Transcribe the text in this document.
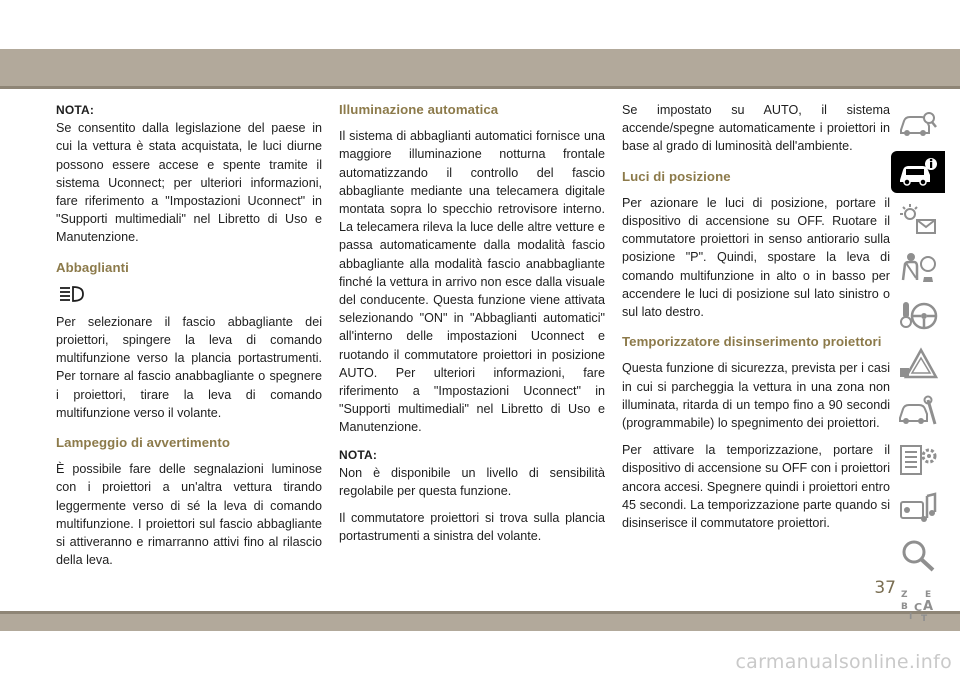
NOTA:

Se consentito dalla legislazione del paese in cui la vettura è stata acquistata, le luci diurne possono essere accese e spente tramite il sistema Uconnect; per ulteriori informazioni, fare riferimento a "Impostazioni Uconnect" in "Supporti multimediali" nel Libretto di Uso e Manutenzione.

Abbaglianti

Per selezionare il fascio abbagliante dei proiettori, spingere la leva di comando multifunzione verso la plancia portastrumenti. Per tornare al fascio anabbagliante o spegnere i proiettori, tirare la leva di comando multifunzione verso il volante.

Lampeggio di avvertimento

È possibile fare delle segnalazioni luminose con i proiettori a un'altra vettura tirando leggermente verso di sé la leva di comando multifunzione. I proiettori sul fascio abbagliante si attiveranno e rimarranno attivi fino al rilascio della leva.

Illuminazione automatica

Il sistema di abbaglianti automatici fornisce una maggiore illuminazione notturna frontale automatizzando il controllo del fascio abbagliante mediante una telecamera digitale montata sopra lo specchio retrovisore interno. La telecamera rileva la luce delle altre vetture e passa automaticamente dalla modalità fascio abbagliante alla modalità fascio anabbagliante finché la vettura in arrivo non esce dalla visuale del conducente. Questa funzione viene attivata selezionando "ON" in "Abbaglianti automatici" all'interno delle impostazioni Uconnect e ruotando il commutatore proiettori in posizione AUTO. Per ulteriori informazioni, fare riferimento a "Impostazioni Uconnect" in "Supporti multimediali" nel Libretto di Uso e Manutenzione.

NOTA:

Non è disponibile un livello di sensibilità regolabile per questa funzione.

Il commutatore proiettori si trova sulla plancia portastrumenti a sinistra del volante.

Se impostato su AUTO, il sistema accende/spegne automaticamente i proiettori in base al grado di luminosità dell'ambiente.

Luci di posizione

Per azionare le luci di posizione, portare il dispositivo di accensione su OFF. Ruotare il commutatore proiettori in senso antiorario sulla posizione "P". Quindi, spostare la leva di comando multifunzione in alto o in basso per accendere le luci di posizione sul lato sinistro o sul lato destro.

Temporizzatore disinserimento proiettori

Questa funzione di sicurezza, prevista per i casi in cui si parcheggia la vettura in una zona non illuminata, ritarda di un tempo fino a 90 secondi (programmabile) lo spegnimento dei proiettori.

Per attivare la temporizzazione, portare il dispositivo di accensione su OFF con i proiettori ancora accesi. Spegnere quindi i proiettori entro 45 secondi. La temporizzazione parte quando si disinserisce il commutatore proiettori.

Z E
B A
I
C
T
37
carmanualsonline.info
